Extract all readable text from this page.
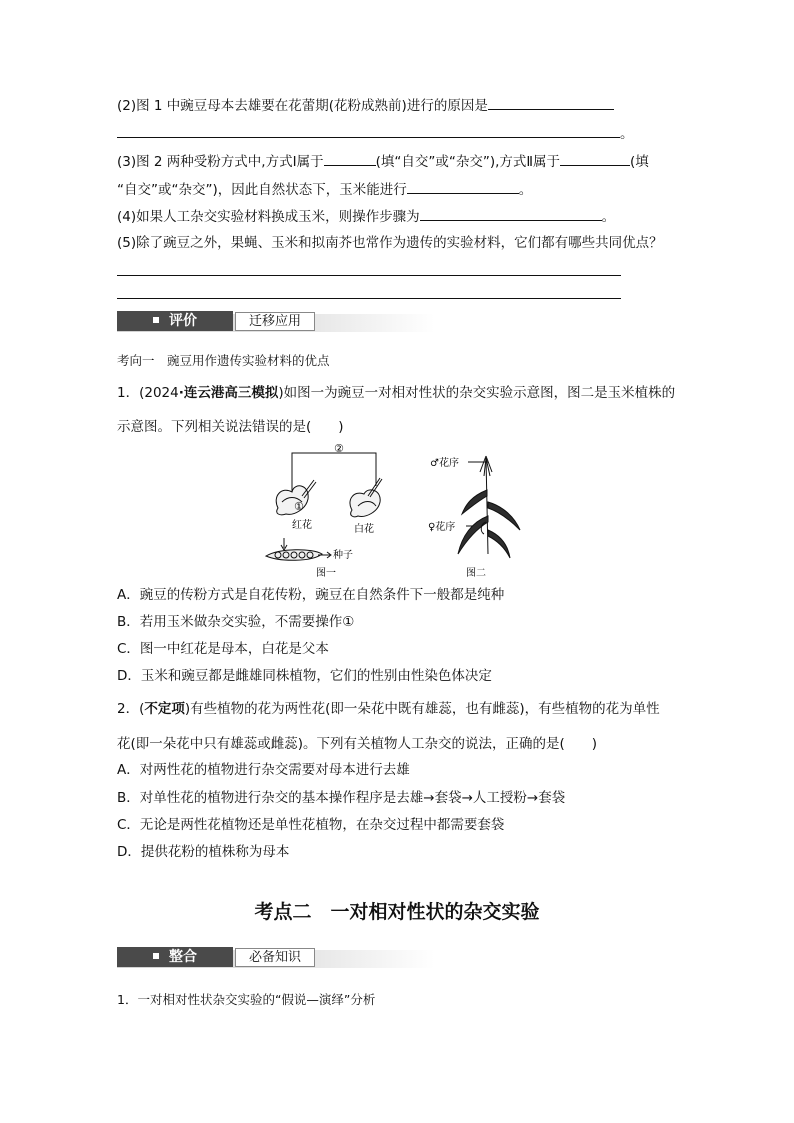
(2)图 1 中豌豆母本去雄要在花蕾期(花粉成熟前)进行的原因是
。
(3)图 2 两种受粉方式中,方式Ⅰ属于	(填“自交”或“杂交”),方式Ⅱ属于	(填
“自交”或“杂交”)，因此自然状态下，玉米能进行	。
(4)如果人工杂交实验材料换成玉米，则操作步骤为	。
(5)除了豌豆之外，果蝇、玉米和拟南芥也常作为遗传的实验材料，它们都有哪些共同优点？
评价	迁移应用
考向一　豌豆用作遗传实验材料的优点
1．(2024·连云港高三模拟)如图一为豌豆一对相对性状的杂交实验示意图，图二是玉米植株的
示意图。下列相关说法错误的是(　　)
②
①
红花	白花
种子
图一
♂花序
♀花序
图二
A．豌豆的传粉方式是自花传粉，豌豆在自然条件下一般都是纯种
B．若用玉米做杂交实验，不需要操作①
C．图一中红花是母本，白花是父本
D．玉米和豌豆都是雌雄同株植物，它们的性别由性染色体决定
2．(不定项)有些植物的花为两性花(即一朵花中既有雄蕊，也有雌蕊)，有些植物的花为单性
花(即一朵花中只有雄蕊或雌蕊)。下列有关植物人工杂交的说法，正确的是(　　)
A．对两性花的植物进行杂交需要对母本进行去雄
B．对单性花的植物进行杂交的基本操作程序是去雄→套袋→人工授粉→套袋
C．无论是两性花植物还是单性花植物，在杂交过程中都需要套袋
D．提供花粉的植株称为母本
考点二　一对相对性状的杂交实验
整合	必备知识
1．一对相对性状杂交实验的“假说—演绎”分析
